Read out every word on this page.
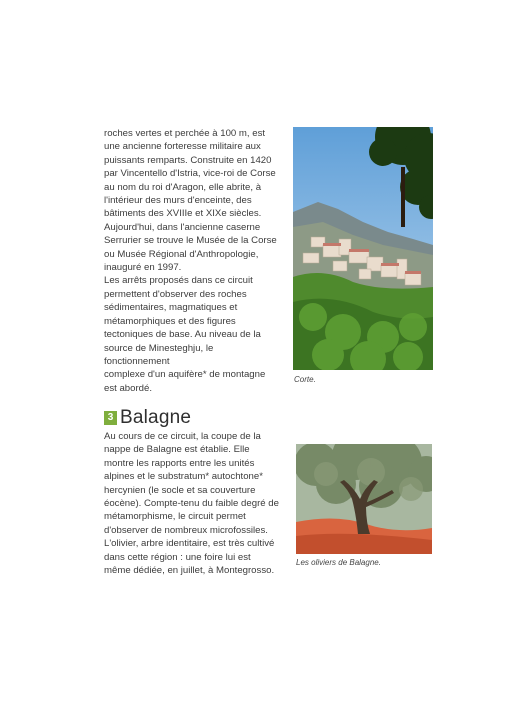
roches vertes et perchée à 100 m, est
une ancienne forteresse militaire aux
puissants remparts. Construite en 1420
par Vincentello d'Istria, vice-roi de Corse
au nom du roi d'Aragon, elle abrite, à
l'intérieur des murs d'enceinte, des
bâtiments des XVIIIe et XIXe siècles.
Aujourd'hui, dans l'ancienne caserne
Serrurier se trouve le Musée de la Corse
ou Musée Régional d'Anthropologie,
inauguré en 1997.
Les arrêts proposés dans ce circuit
permettent d'observer des roches
sédimentaires, magmatiques et
métamorphiques et des figures
tectoniques de base. Au niveau de la
source de Minesteghju, le fonctionnement
complexe d'un aquifère* de montagne
est abordé.

Corte.
3 Balagne

Au cours de ce circuit, la coupe de la
nappe de Balagne est établie. Elle
montre les rapports entre les unités
alpines et le substratum* autochtone*
hercynien (le socle et sa couverture
éocène). Compte-tenu du faible degré de
métamorphisme, le circuit permet
d'observer de nombreux microfossiles.
L'olivier, arbre identitaire, est très cultivé
dans cette région : une foire lui est
même dédiée, en juillet, à Montegrosso.

Les oliviers de Balagne.
